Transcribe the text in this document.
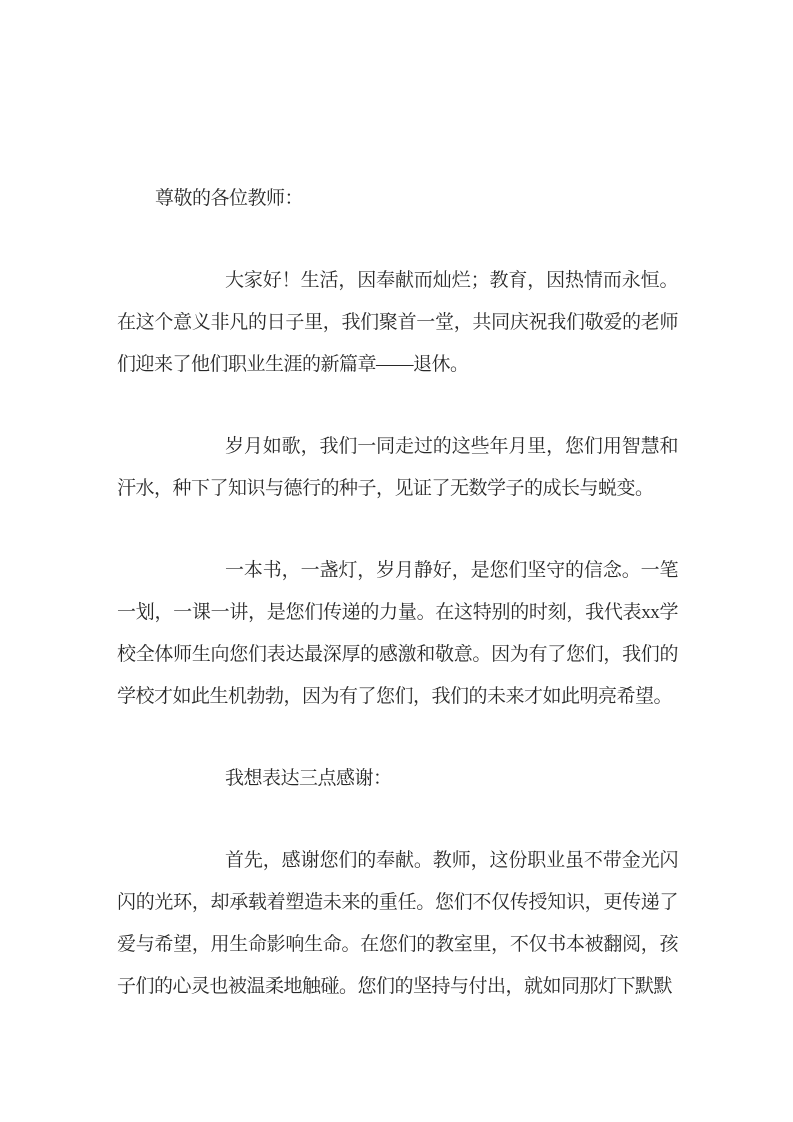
尊敬的各位教师：

大家好！生活，因奉献而灿烂；教育，因热情而永恒。在这个意义非凡的日子里，我们聚首一堂，共同庆祝我们敬爱的老师们迎来了他们职业生涯的新篇章——退休。

岁月如歌，我们一同走过的这些年月里，您们用智慧和汗水，种下了知识与德行的种子，见证了无数学子的成长与蜕变。

一本书，一盏灯，岁月静好，是您们坚守的信念。一笔一划，一课一讲，是您们传递的力量。在这特别的时刻，我代表xx学校全体师生向您们表达最深厚的感激和敬意。因为有了您们，我们的学校才如此生机勃勃，因为有了您们，我们的未来才如此明亮希望。

我想表达三点感谢：

首先，感谢您们的奉献。教师，这份职业虽不带金光闪闪的光环，却承载着塑造未来的重任。您们不仅传授知识，更传递了爱与希望，用生命影响生命。在您们的教室里，不仅书本被翻阅，孩子们的心灵也被温柔地触碰。您们的坚持与付出，就如同那灯下默默
